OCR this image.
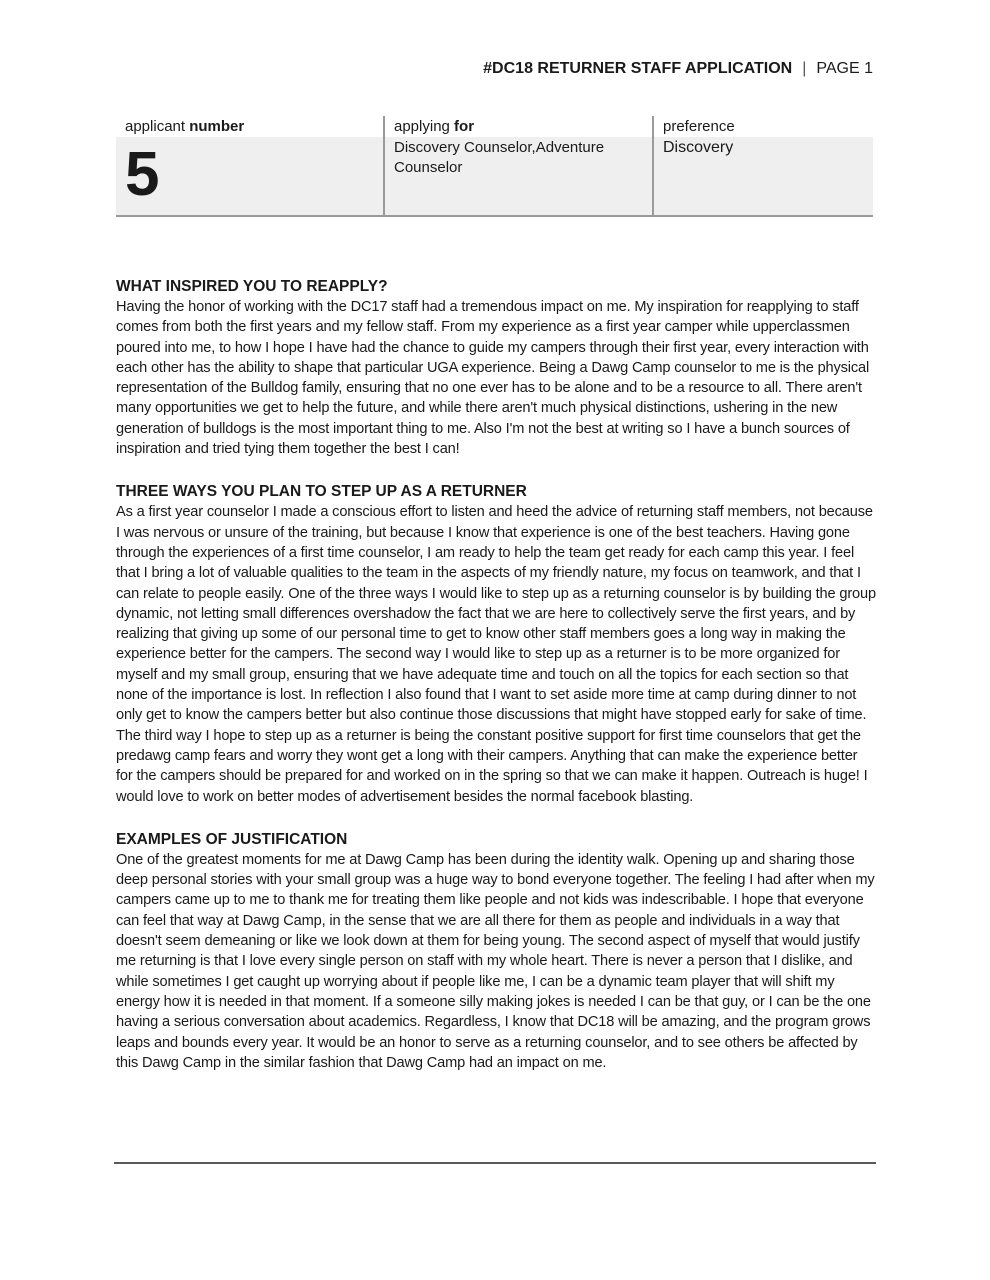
#DC18 RETURNER STAFF APPLICATION | PAGE 1
applicant number
5
applying for
Discovery Counselor,Adventure Counselor
preference
Discovery
WHAT INSPIRED YOU TO REAPPLY?

Having the honor of working with the DC17 staff had a tremendous impact on me. My inspiration for reapplying to staff comes from both the first years and my fellow staff. From my experience as a first year camper while upperclassmen poured into me, to how I hope I have had the chance to guide my campers through their first year, every interaction with each other has the ability to shape that particular UGA experience. Being a Dawg Camp counselor to me is the physical representation of the Bulldog family, ensuring that no one ever has to be alone and to be a resource to all. There aren't many opportunities we get to help the future, and while there aren't much physical distinctions, ushering in the new generation of bulldogs is the most important thing to me. Also I'm not the best at writing so I have a bunch sources of inspiration and tried tying them together the best I can!

THREE WAYS YOU PLAN TO STEP UP AS A RETURNER

As a first year counselor I made a conscious effort to listen and heed the advice of returning staff members, not because I was nervous or unsure of the training, but because I know that experience is one of the best teachers. Having gone through the experiences of a first time counselor, I am ready to help the team get ready for each camp this year. I feel that I bring a lot of valuable qualities to the team in the aspects of my friendly nature, my focus on teamwork, and that I can relate to people easily. One of the three ways I would like to step up as a returning counselor is by building the group dynamic, not letting small differences overshadow the fact that we are here to collectively serve the first years, and by realizing that giving up some of our personal time to get to know other staff members goes a long way in making the experience better for the campers. The second way I would like to step up as a returner is to be more organized for myself and my small group, ensuring that we have adequate time and touch on all the topics for each section so that none of the importance is lost. In reflection I also found that I want to set aside more time at camp during dinner to not only get to know the campers better but also continue those discussions that might have stopped early for sake of time. The third way I hope to step up as a returner is being the constant positive support for first time counselors that get the predawg camp fears and worry they wont get a long with their campers. Anything that can make the experience better for the campers should be prepared for and worked on in the spring so that we can make it happen. Outreach is huge! I would love to work on better modes of advertisement besides the normal facebook blasting.

EXAMPLES OF JUSTIFICATION

One of the greatest moments for me at Dawg Camp has been during the identity walk. Opening up and sharing those deep personal stories with your small group was a huge way to bond everyone together. The feeling I had after when my campers came up to me to thank me for treating them like people and not kids was indescribable. I hope that everyone can feel that way at Dawg Camp, in the sense that we are all there for them as people and individuals in a way that doesn't seem demeaning or like we look down at them for being young. The second aspect of myself that would justify me returning is that I love every single person on staff with my whole heart. There is never a person that I dislike, and while sometimes I get caught up worrying about if people like me, I can be a dynamic team player that will shift my energy how it is needed in that moment. If a someone silly making jokes is needed I can be that guy, or I can be the one having a serious conversation about academics. Regardless, I know that DC18 will be amazing, and the program grows leaps and bounds every year. It would be an honor to serve as a returning counselor, and to see others be affected by this Dawg Camp in the similar fashion that Dawg Camp had an impact on me.
